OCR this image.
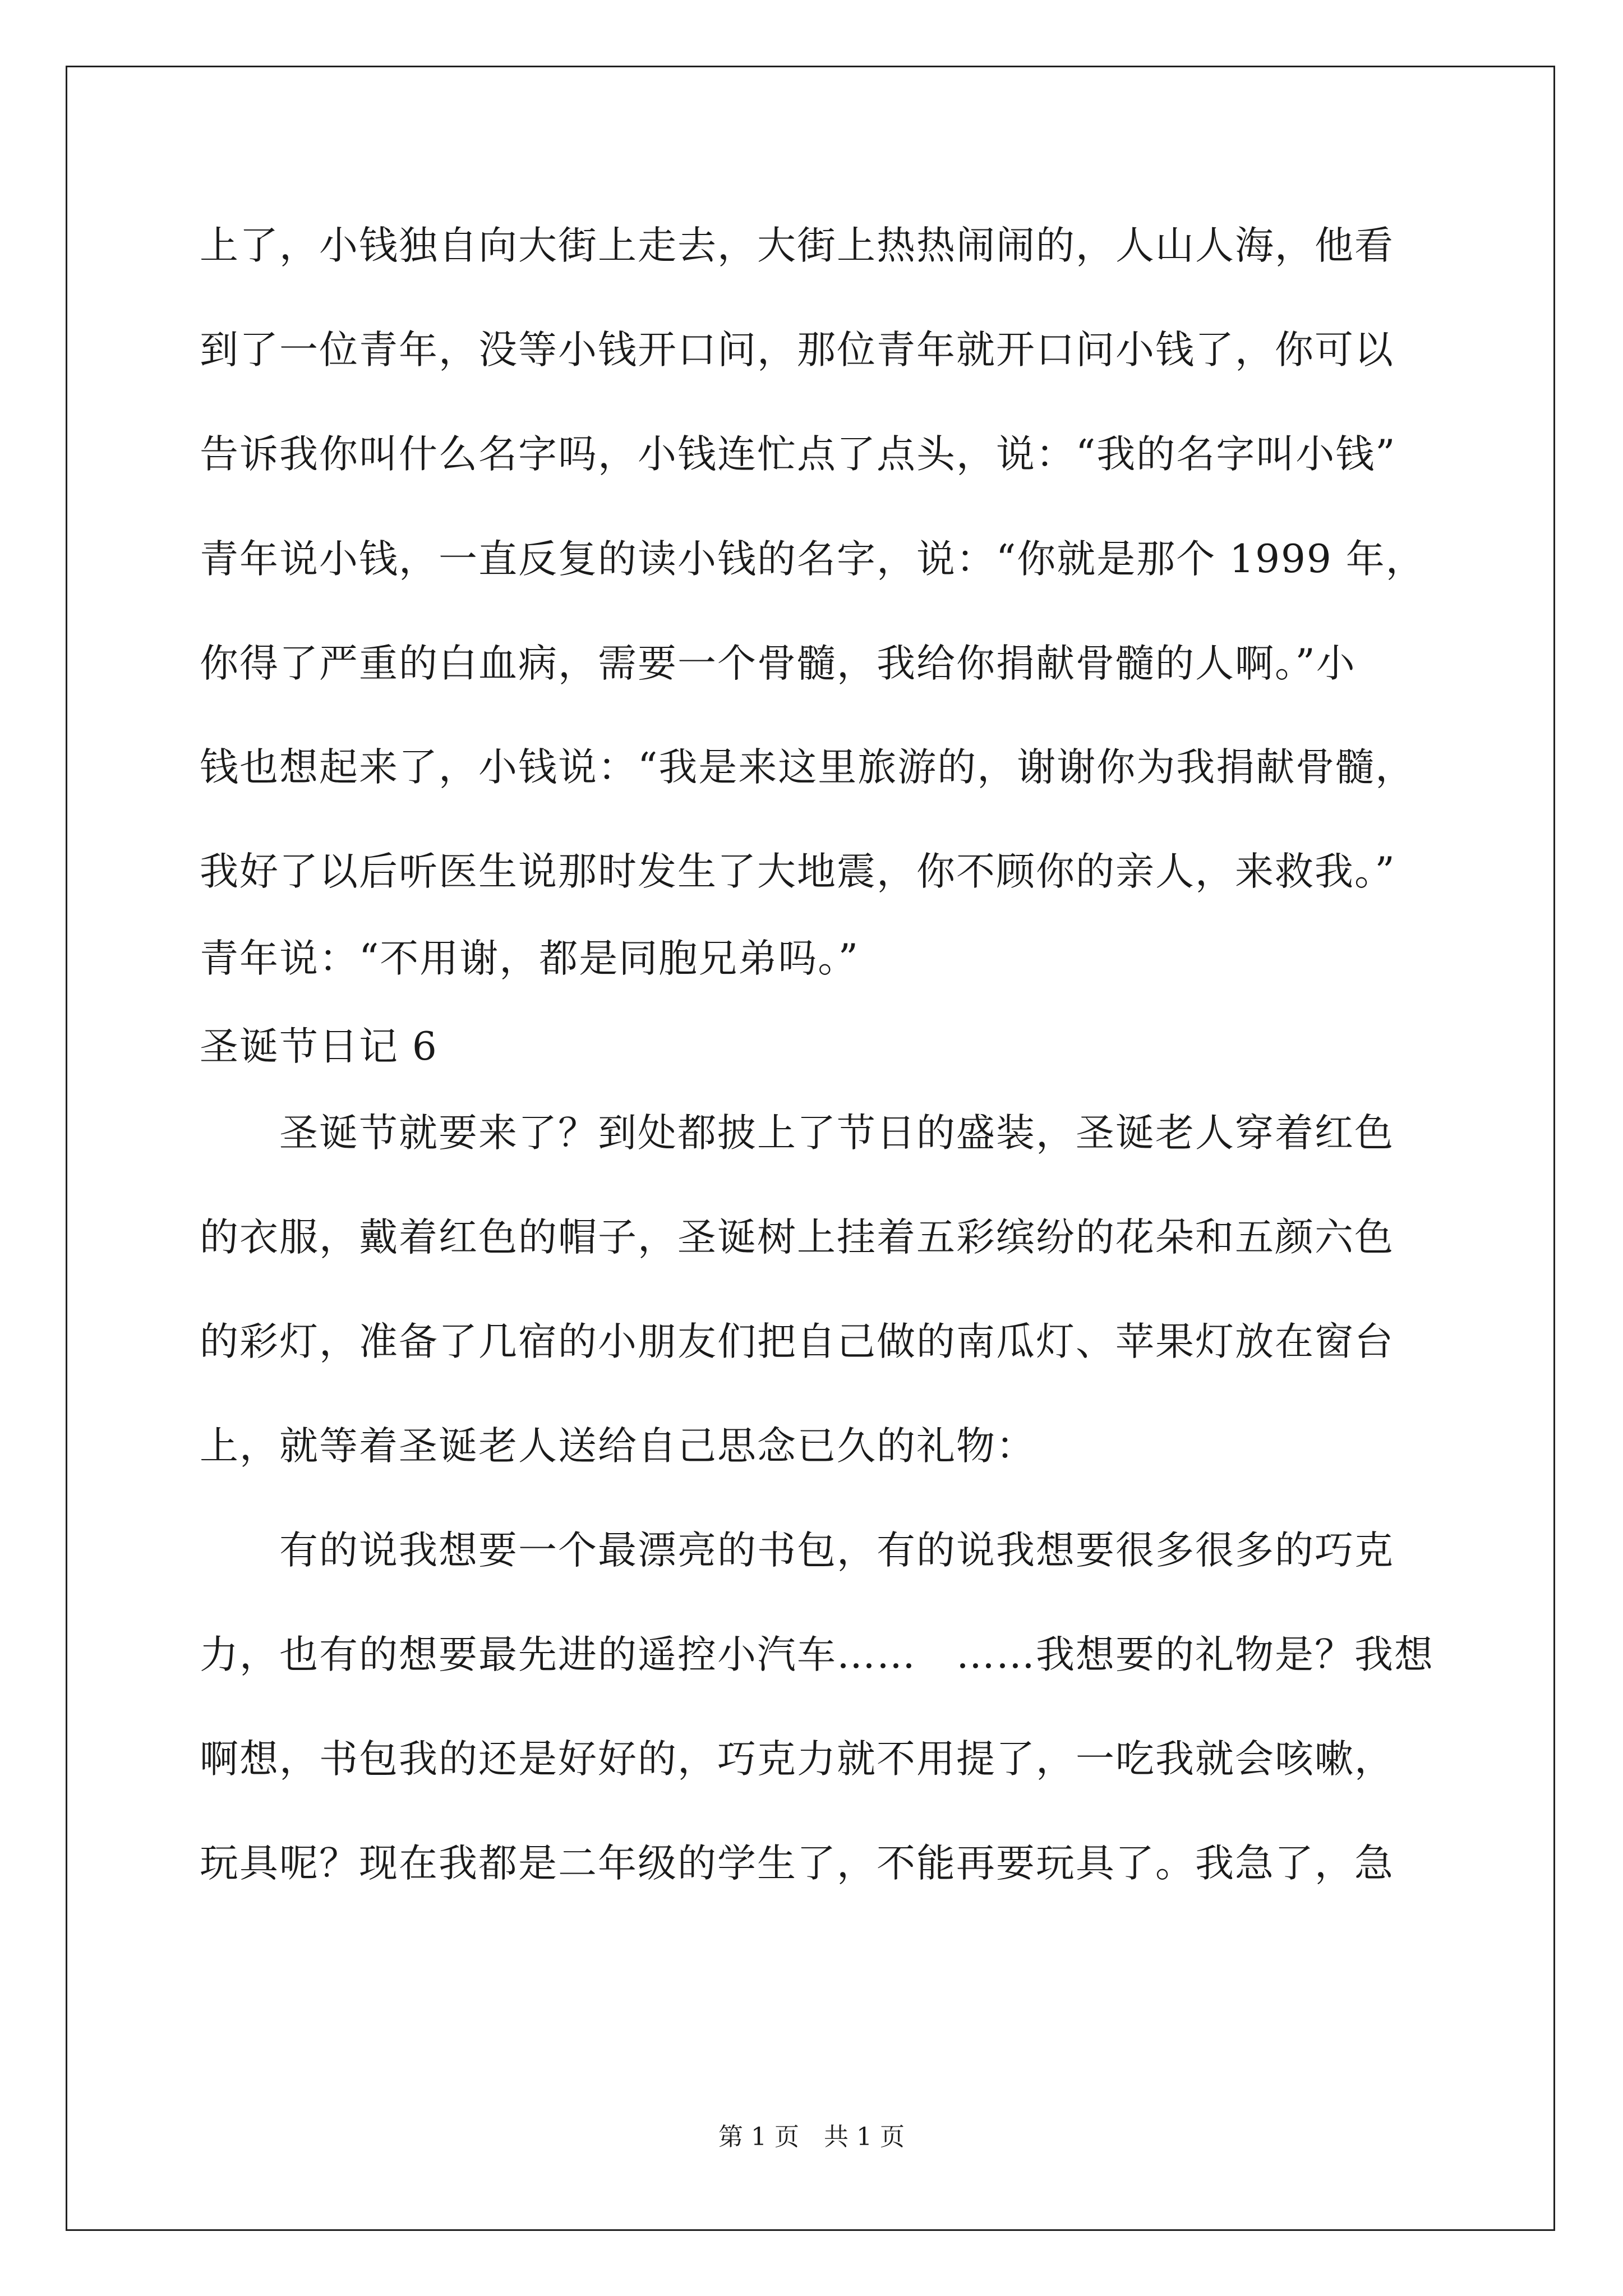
上了，小钱独自向大街上走去，大街上热热闹闹的，人山人海，他看

到了一位青年，没等小钱开口问，那位青年就开口问小钱了，你可以

告诉我你叫什么名字吗，小钱连忙点了点头，说：“我的名字叫小钱”

青年说小钱，一直反复的读小钱的名字，说：“你就是那个 1999 年，

你得了严重的白血病，需要一个骨髓，我给你捐献骨髓的人啊。”小

钱也想起来了，小钱说：“我是来这里旅游的，谢谢你为我捐献骨髓，

我好了以后听医生说那时发生了大地震，你不顾你的亲人，来救我。”

青年说：“不用谢，都是同胞兄弟吗。”

圣诞节日记 6

　　圣诞节就要来了？到处都披上了节日的盛装，圣诞老人穿着红色

的衣服，戴着红色的帽子，圣诞树上挂着五彩缤纷的花朵和五颜六色

的彩灯，准备了几宿的小朋友们把自己做的南瓜灯、苹果灯放在窗台

上，就等着圣诞老人送给自己思念已久的礼物：

　　有的说我想要一个最漂亮的书包，有的说我想要很多很多的巧克

力，也有的想要最先进的遥控小汽车……　……我想要的礼物是？我想

啊想，书包我的还是好好的，巧克力就不用提了，一吃我就会咳嗽，

玩具呢？现在我都是二年级的学生了，不能再要玩具了。我急了，急

第 1 页　共 1 页
